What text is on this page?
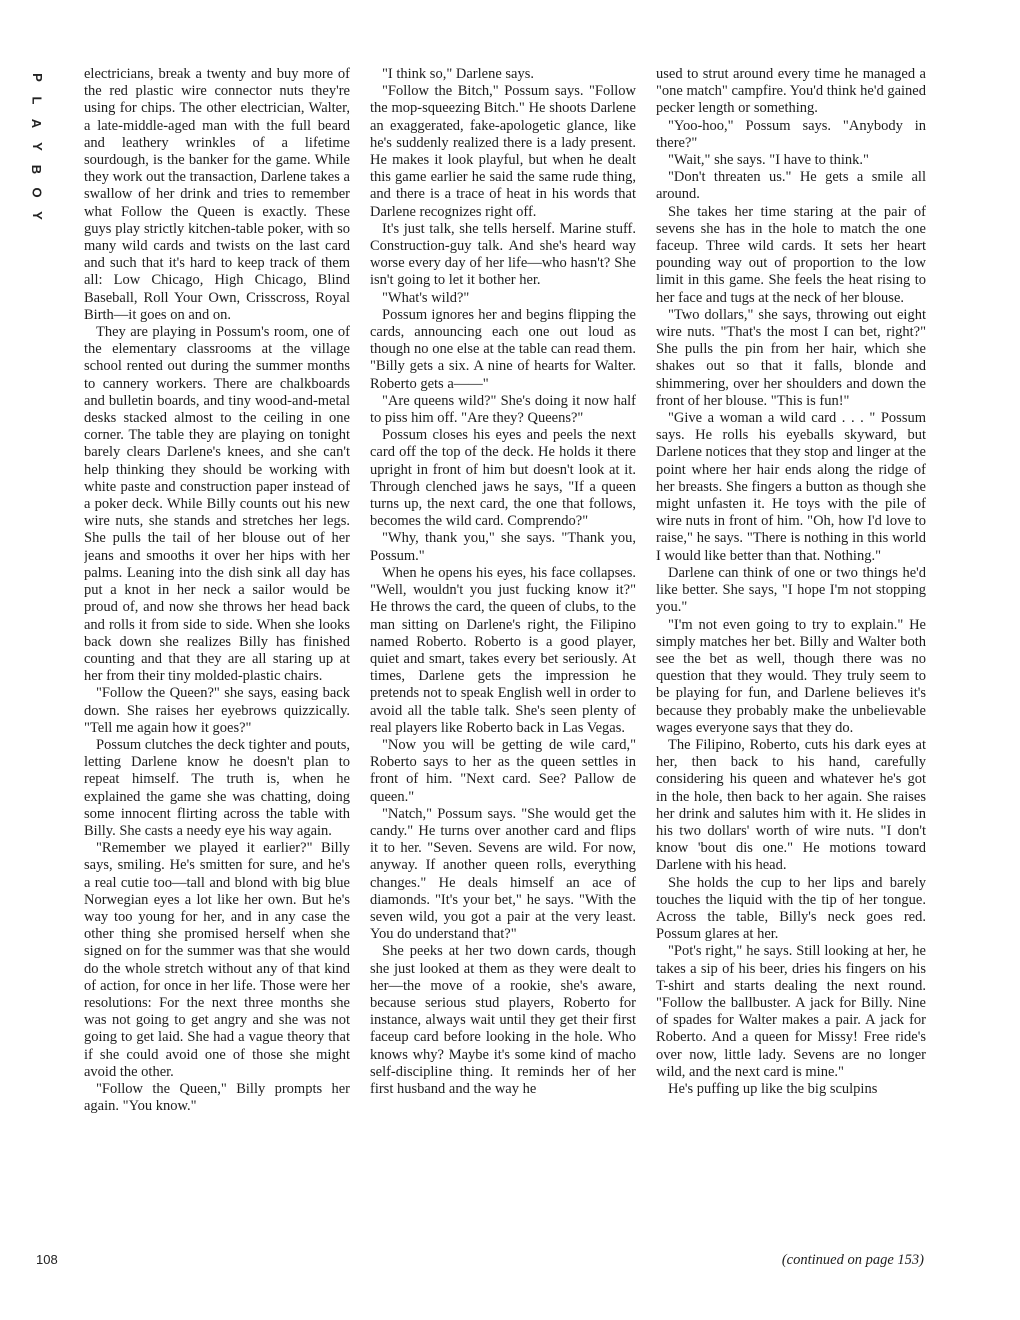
P
L
A
Y
B
O
Y

electricians, break a twenty and buy more of the red plastic wire connector nuts they're using for chips. The other electrician, Walter, a late-middle-aged man with the full beard and leathery wrinkles of a lifetime sourdough, is the banker for the game. While they work out the transaction, Darlene takes a swallow of her drink and tries to remember what Follow the Queen is exactly. These guys play strictly kitchen-table poker, with so many wild cards and twists on the last card and such that it's hard to keep track of them all: Low Chicago, High Chicago, Blind Baseball, Roll Your Own, Crisscross, Royal Birth—it goes on and on.

They are playing in Possum's room, one of the elementary classrooms at the village school rented out during the summer months to cannery workers. There are chalkboards and bulletin boards, and tiny wood-and-metal desks stacked almost to the ceiling in one corner. The table they are playing on tonight barely clears Darlene's knees, and she can't help thinking they should be working with white paste and construction paper instead of a poker deck. While Billy counts out his new wire nuts, she stands and stretches her legs. She pulls the tail of her blouse out of her jeans and smooths it over her hips with her palms. Leaning into the dish sink all day has put a knot in her neck a sailor would be proud of, and now she throws her head back and rolls it from side to side. When she looks back down she realizes Billy has finished counting and that they are all staring up at her from their tiny molded-plastic chairs.

"Follow the Queen?" she says, easing back down. She raises her eyebrows quizzically. "Tell me again how it goes?"

Possum clutches the deck tighter and pouts, letting Darlene know he doesn't plan to repeat himself. The truth is, when he explained the game she was chatting, doing some innocent flirting across the table with Billy. She casts a needy eye his way again.

"Remember we played it earlier?" Billy says, smiling. He's smitten for sure, and he's a real cutie too—tall and blond with big blue Norwegian eyes a lot like her own. But he's way too young for her, and in any case the other thing she promised herself when she signed on for the summer was that she would do the whole stretch without any of that kind of action, for once in her life. Those were her resolutions: For the next three months she was not going to get angry and she was not going to get laid. She had a vague theory that if she could avoid one of those she might avoid the other.

"Follow the Queen," Billy prompts her again. "You know."

"I think so," Darlene says.

"Follow the Bitch," Possum says. "Follow the mop-squeezing Bitch." He shoots Darlene an exaggerated, fake-apologetic glance, like he's suddenly realized there is a lady present. He makes it look playful, but when he dealt this game earlier he said the same rude thing, and there is a trace of heat in his words that Darlene recognizes right off.

It's just talk, she tells herself. Marine stuff. Construction-guy talk. And she's heard way worse every day of her life—who hasn't? She isn't going to let it bother her.

"What's wild?"

Possum ignores her and begins flipping the cards, announcing each one out loud as though no one else at the table can read them. "Billy gets a six. A nine of hearts for Walter. Roberto gets a——"

"Are queens wild?" She's doing it now half to piss him off. "Are they? Queens?"

Possum closes his eyes and peels the next card off the top of the deck. He holds it there upright in front of him but doesn't look at it. Through clenched jaws he says, "If a queen turns up, the next card, the one that follows, becomes the wild card. Comprendo?"

"Why, thank you," she says. "Thank you, Possum."

When he opens his eyes, his face collapses. "Well, wouldn't you just fucking know it?" He throws the card, the queen of clubs, to the man sitting on Darlene's right, the Filipino named Roberto. Roberto is a good player, quiet and smart, takes every bet seriously. At times, Darlene gets the impression he pretends not to speak English well in order to avoid all the table talk. She's seen plenty of real players like Roberto back in Las Vegas.

"Now you will be getting de wile card," Roberto says to her as the queen settles in front of him. "Next card. See? Pallow de queen."

"Natch," Possum says. "She would get the candy." He turns over another card and flips it to her. "Seven. Sevens are wild. For now, anyway. If another queen rolls, everything changes." He deals himself an ace of diamonds. "It's your bet," he says. "With the seven wild, you got a pair at the very least. You do understand that?"

She peeks at her two down cards, though she just looked at them as they were dealt to her—the move of a rookie, she's aware, because serious stud players, Roberto for instance, always wait until they get their first faceup card before looking in the hole. Who knows why? Maybe it's some kind of macho self-discipline thing. It reminds her of her first husband and the way he

used to strut around every time he managed a "one match" campfire. You'd think he'd gained pecker length or something.

"Yoo-hoo," Possum says. "Anybody in there?"

"Wait," she says. "I have to think."

"Don't threaten us." He gets a smile all around.

She takes her time staring at the pair of sevens she has in the hole to match the one faceup. Three wild cards. It sets her heart pounding way out of proportion to the low limit in this game. She feels the heat rising to her face and tugs at the neck of her blouse.

"Two dollars," she says, throwing out eight wire nuts. "That's the most I can bet, right?" She pulls the pin from her hair, which she shakes out so that it falls, blonde and shimmering, over her shoulders and down the front of her blouse. "This is fun!"

"Give a woman a wild card . . . " Possum says. He rolls his eyeballs skyward, but Darlene notices that they stop and linger at the point where her hair ends along the ridge of her breasts. She fingers a button as though she might unfasten it. He toys with the pile of wire nuts in front of him. "Oh, how I'd love to raise," he says. "There is nothing in this world I would like better than that. Nothing."

Darlene can think of one or two things he'd like better. She says, "I hope I'm not stopping you."

"I'm not even going to try to explain." He simply matches her bet. Billy and Walter both see the bet as well, though there was no question that they would. They truly seem to be playing for fun, and Darlene believes it's because they probably make the unbelievable wages everyone says that they do.

The Filipino, Roberto, cuts his dark eyes at her, then back to his hand, carefully considering his queen and whatever he's got in the hole, then back to her again. She raises her drink and salutes him with it. He slides in his two dollars' worth of wire nuts. "I don't know 'bout dis one." He motions toward Darlene with his head.

She holds the cup to her lips and barely touches the liquid with the tip of her tongue. Across the table, Billy's neck goes red. Possum glares at her.

"Pot's right," he says. Still looking at her, he takes a sip of his beer, dries his fingers on his T-shirt and starts dealing the next round. "Follow the ballbuster. A jack for Billy. Nine of spades for Walter makes a pair. A jack for Roberto. And a queen for Missy! Free ride's over now, little lady. Sevens are no longer wild, and the next card is mine."

He's puffing up like the big sculpins

108	(continued on page 153)
